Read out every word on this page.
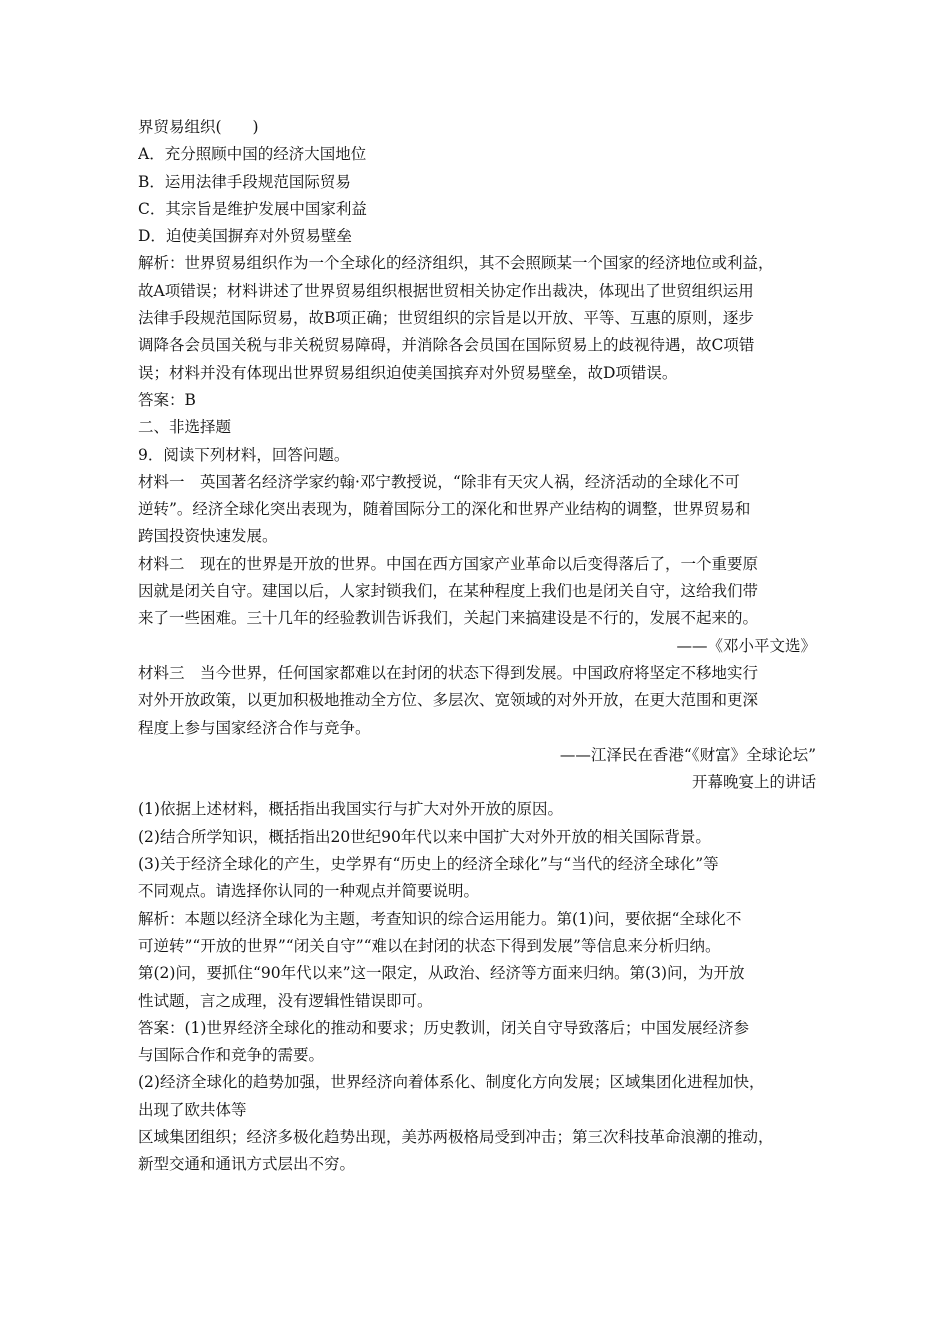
界贸易组织(　　)
A．充分照顾中国的经济大国地位
B．运用法律手段规范国际贸易
C．其宗旨是维护发展中国家利益
D．迫使美国摒弃对外贸易壁垒
解析：世界贸易组织作为一个全球化的经济组织，其不会照顾某一个国家的经济地位或利益，
故A项错误；材料讲述了世界贸易组织根据世贸相关协定作出裁决，体现出了世贸组织运用
法律手段规范国际贸易，故B项正确；世贸组织的宗旨是以开放、平等、互惠的原则，逐步
调降各会员国关税与非关税贸易障碍，并消除各会员国在国际贸易上的歧视待遇，故C项错
误；材料并没有体现出世界贸易组织迫使美国摈弃对外贸易壁垒，故D项错误。
答案：B
二、非选择题
9．阅读下列材料，回答问题。
材料一　英国著名经济学家约翰·邓宁教授说，“除非有天灾人祸，经济活动的全球化不可
逆转”。经济全球化突出表现为，随着国际分工的深化和世界产业结构的调整，世界贸易和
跨国投资快速发展。
材料二　现在的世界是开放的世界。中国在西方国家产业革命以后变得落后了，一个重要原
因就是闭关自守。建国以后，人家封锁我们，在某种程度上我们也是闭关自守，这给我们带
来了一些困难。三十几年的经验教训告诉我们，关起门来搞建设是不行的，发展不起来的。
——《邓小平文选》
材料三　当今世界，任何国家都难以在封闭的状态下得到发展。中国政府将坚定不移地实行
对外开放政策，以更加积极地推动全方位、多层次、宽领域的对外开放，在更大范围和更深
程度上参与国家经济合作与竞争。
——江泽民在香港“《财富》全球论坛”
开幕晚宴上的讲话
(1)依据上述材料，概括指出我国实行与扩大对外开放的原因。
(2)结合所学知识，概括指出20世纪90年代以来中国扩大对外开放的相关国际背景。
(3)关于经济全球化的产生，史学界有“历史上的经济全球化”与“当代的经济全球化”等
不同观点。请选择你认同的一种观点并简要说明。
解析：本题以经济全球化为主题，考查知识的综合运用能力。第(1)问，要依据“全球化不
可逆转”“开放的世界”“闭关自守”“难以在封闭的状态下得到发展”等信息来分析归纳。
第(2)问，要抓住“90年代以来”这一限定，从政治、经济等方面来归纳。第(3)问，为开放
性试题，言之成理，没有逻辑性错误即可。
答案：(1)世界经济全球化的推动和要求；历史教训，闭关自守导致落后；中国发展经济参
与国际合作和竞争的需要。
(2)经济全球化的趋势加强，世界经济向着体系化、制度化方向发展；区域集团化进程加快，
出现了欧共体等
区域集团组织；经济多极化趋势出现，美苏两极格局受到冲击；第三次科技革命浪潮的推动，
新型交通和通讯方式层出不穷。
